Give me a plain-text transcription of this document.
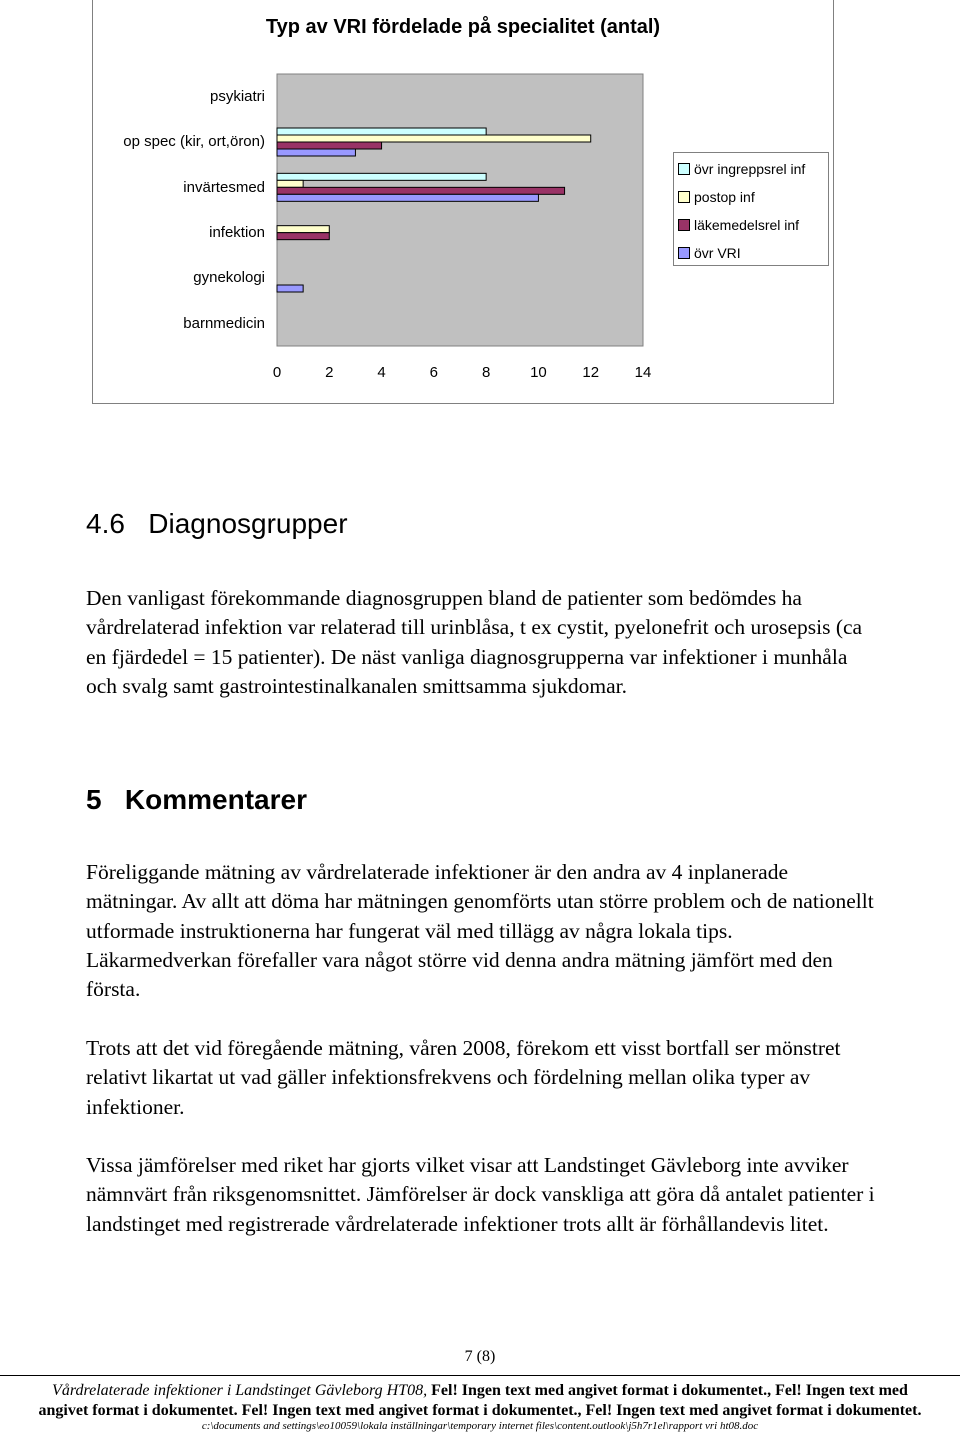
Typ av VRI fördelade på specialitet (antal)
psykiatri
op spec (kir, ort,öron)
invärtesmed
infektion
gynekologi
barnmedicin
0	2	4	6	8	10 12 14
övr ingreppsrel inf
postop inf
läkemedelsrel inf
övr VRI
4.6 Diagnosgrupper

Den vanligast förekommande diagnosgruppen bland de patienter som bedömdes ha vårdrelaterad infektion var relaterad till urinblåsa, t ex cystit, pyelonefrit och urosepsis (ca en fjärdedel = 15 patienter). De näst vanliga diagnosgrupperna var infektioner i munhåla och svalg samt gastrointestinalkanalen smittsamma sjukdomar.

5 Kommentarer

Föreliggande mätning av vårdrelaterade infektioner är den andra av 4 inplanerade mätningar. Av allt att döma har mätningen genomförts utan större problem och de nationellt utformade instruktionerna har fungerat väl med tillägg av några lokala tips. Läkarmedverkan förefaller vara något större vid denna andra mätning jämfört med den första.

Trots att det vid föregående mätning, våren 2008, förekom ett visst bortfall ser mönstret relativt likartat ut vad gäller infektionsfrekvens och fördelning mellan olika typer av infektioner.

Vissa jämförelser med riket har gjorts vilket visar att Landstinget Gävleborg inte avviker nämnvärt från riksgenomsnittet. Jämförelser är dock vanskliga att göra då antalet patienter i landstinget med registrerade vårdrelaterade infektioner trots allt är förhållandevis litet.

7 (8)
Vårdrelaterade infektioner i Landstinget Gävleborg HT08, Fel! Ingen text med angivet format i dokumentet., Fel! Ingen text med
angivet format i dokumentet. Fel! Ingen text med angivet format i dokumentet., Fel! Ingen text med angivet format i dokumentet.
c:\documents and settings\eo10059\lokala inställningar\temporary internet files\content.outlook\j5h7r1el\rapport vri ht08.doc
